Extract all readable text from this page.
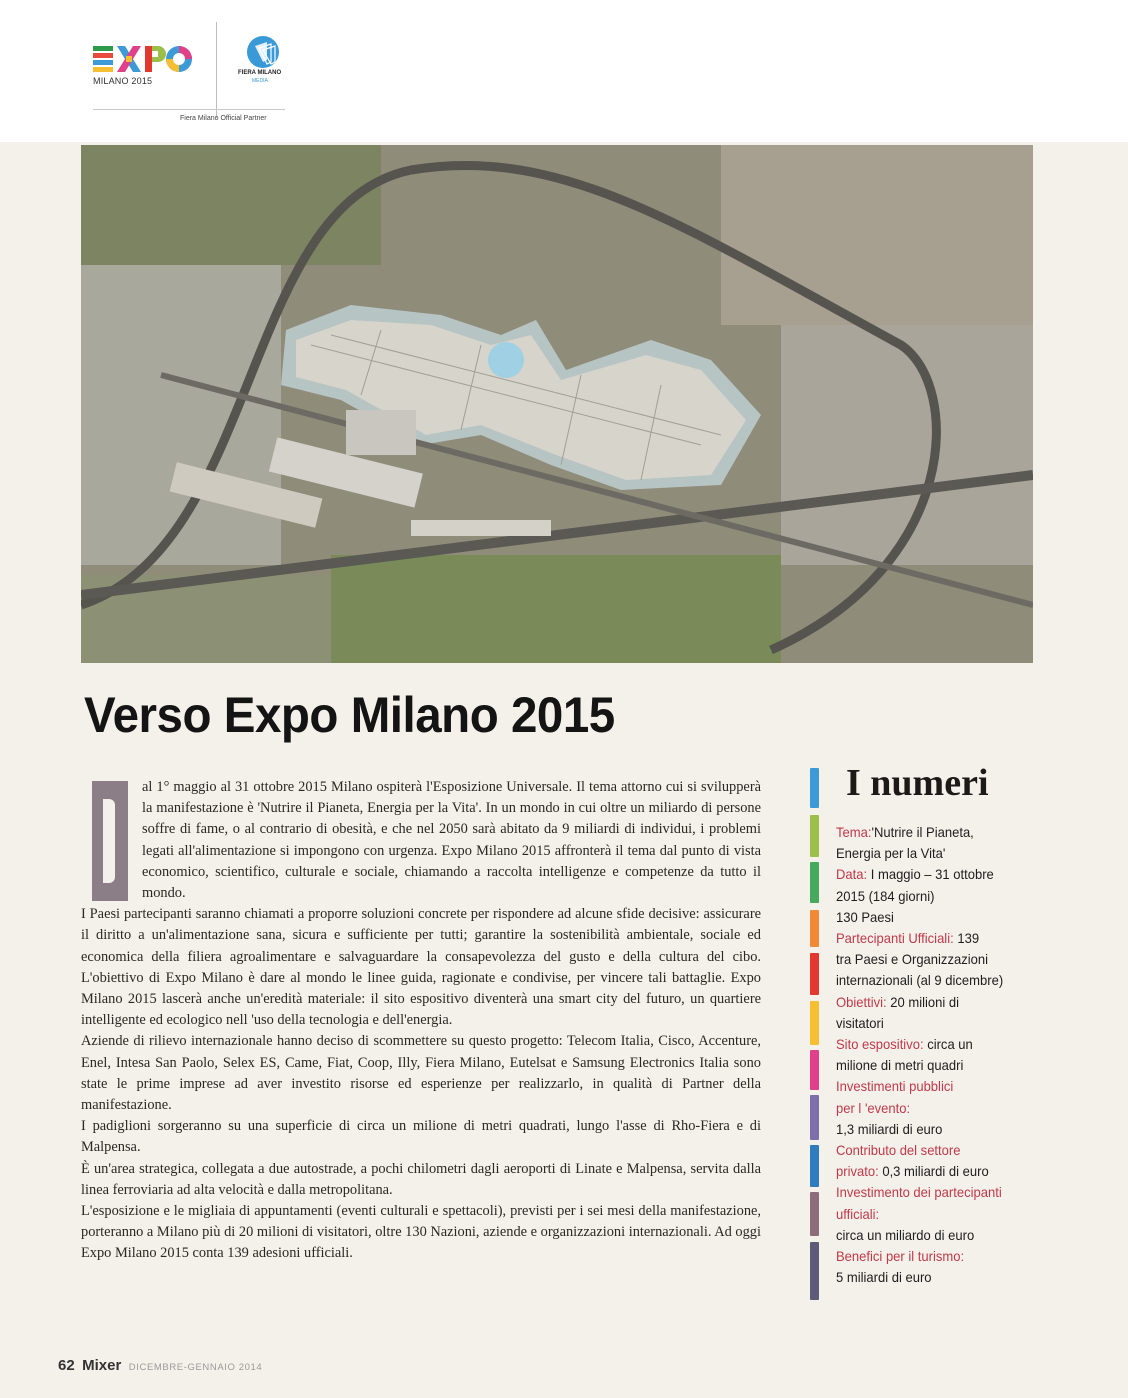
EXPO
MILANO 2015
FIERA MILANO
MEDIA
Fiera Milano Official Partner
Verso Expo Milano 2015

al 1° maggio al 31 ottobre 2015 Milano ospiterà l'Esposizione Universale. Il tema attorno cui si svilupperà la manifestazione è 'Nutrire il Pianeta, Energia per la Vita'. In un mondo in cui oltre un miliardo di persone soffre di fame, o al contrario di obesità, e che nel 2050 sarà abitato da 9 miliardi di individui, i problemi legati all'alimentazione si impongono con urgenza. Expo Milano 2015 affronterà il tema dal punto di vista economico, scientifico, culturale e sociale, chiamando a raccolta intelligenze e competenze da tutto il mondo.

I Paesi partecipanti saranno chiamati a proporre soluzioni concrete per rispondere ad alcune sfide decisive: assicurare il diritto a un'alimentazione sana, sicura e sufficiente per tutti; garantire la sostenibilità ambientale, sociale ed economica della filiera agroalimentare e salvaguardare la consapevolezza del gusto e della cultura del cibo. L'obiettivo di Expo Milano è dare al mondo le linee guida, ragionate e condivise, per vincere tali battaglie. Expo Milano 2015 lascerà anche un'eredità materiale: il sito espositivo diventerà una smart city del futuro, un quartiere intelligente ed ecologico nell 'uso della tecnologia e dell'energia.

Aziende di rilievo internazionale hanno deciso di scommettere su questo progetto: Telecom Italia, Cisco, Accenture, Enel, Intesa San Paolo, Selex ES, Came, Fiat, Coop, Illy, Fiera Milano, Eutelsat e Samsung Electronics Italia sono state le prime imprese ad aver investito risorse ed esperienze per realizzarlo, in qualità di Partner della manifestazione.

I padiglioni sorgeranno su una superficie di circa un milione di metri quadrati, lungo l'asse di Rho-Fiera e di Malpensa.

È un'area strategica, collegata a due autostrade, a pochi chilometri dagli aeroporti di Linate e Malpensa, servita dalla linea ferroviaria ad alta velocità e dalla metropolitana.

L'esposizione e le migliaia di appuntamenti (eventi culturali e spettacoli), previsti per i sei mesi della manifestazione, porteranno a Milano più di 20 milioni di visitatori, oltre 130 Nazioni, aziende e organizzazioni internazionali. Ad oggi Expo Milano 2015 conta 139 adesioni ufficiali.

I numeri
Tema:'Nutrire il Pianeta,
Energia per la Vita'
Data: I maggio – 31 ottobre
2015 (184 giorni)
130 Paesi
Partecipanti Ufficiali: 139
tra Paesi e Organizzazioni
internazionali (al 9 dicembre)
Obiettivi: 20 milioni di
visitatori
Sito espositivo: circa un
milione di metri quadri
Investimenti pubblici
per l 'evento:
1,3 miliardi di euro
Contributo del settore
privato: 0,3 miliardi di euro
Investimento dei partecipanti
ufficiali:
circa un miliardo di euro
Benefici per il turismo:
5 miliardi di euro
62 Mixer DICEMBRE-GENNAIO 2014
